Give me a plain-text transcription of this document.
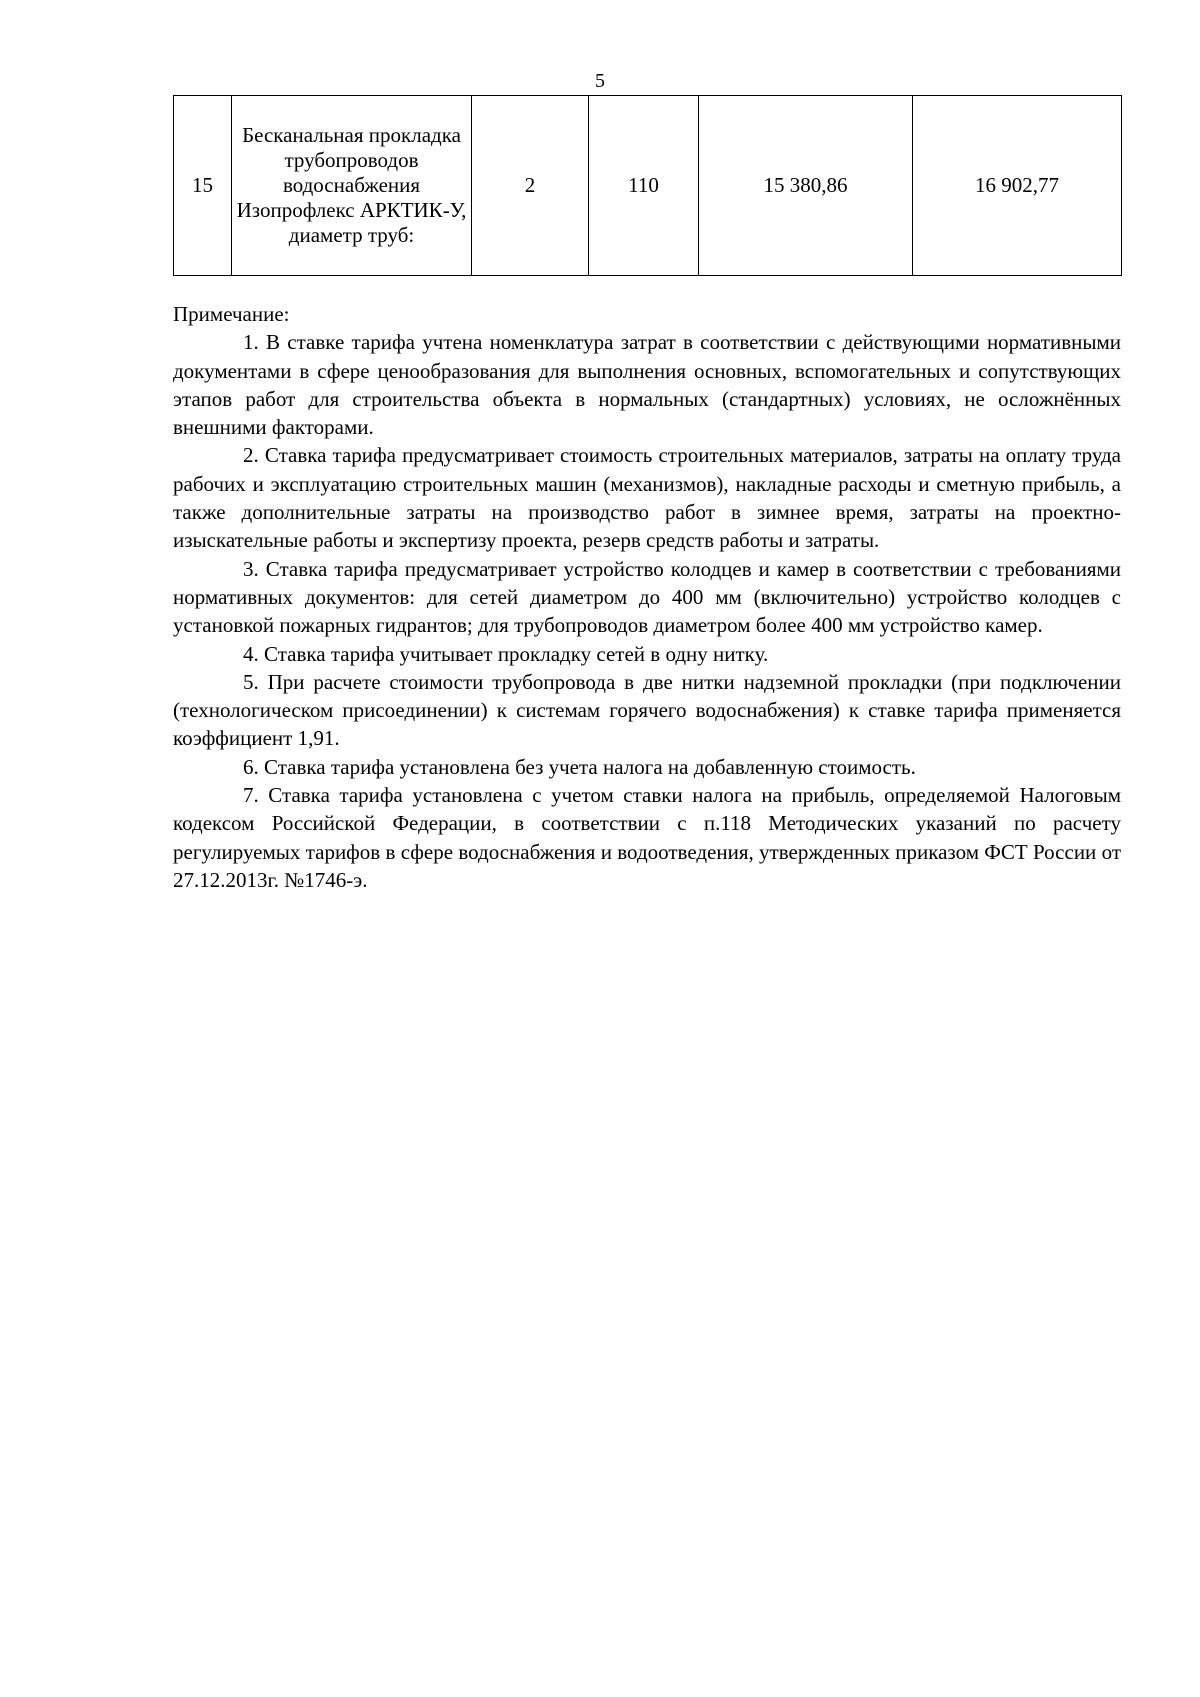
5
15	Бесканальная прокладка трубопроводов водоснабжения Изопрофлекс АРКТИК-У, диаметр труб:	2	110	15 380,86	16 902,77

Примечание:

1. В ставке тарифа учтена номенклатура затрат в соответствии с действующими нормативными документами в сфере ценообразования для выполнения основных, вспомогательных и сопутствующих этапов работ для строительства объекта в нормальных (стандартных) условиях, не осложнённых внешними факторами.

2. Ставка тарифа предусматривает стоимость строительных материалов, затраты на оплату труда рабочих и эксплуатацию строительных машин (механизмов), накладные расходы и сметную прибыль, а также дополнительные затраты на производство работ в зимнее время, затраты на проектно-изыскательные работы и экспертизу проекта, резерв средств работы и затраты.

3. Ставка тарифа предусматривает устройство колодцев и камер в соответствии с требованиями нормативных документов: для сетей диаметром до 400 мм (включительно) устройство колодцев с установкой пожарных гидрантов; для трубопроводов диаметром более 400 мм устройство камер.

4. Ставка тарифа учитывает прокладку сетей в одну нитку.

5. При расчете стоимости трубопровода в две нитки надземной прокладки (при подключении (технологическом присоединении) к системам горячего водоснабжения) к ставке тарифа применяется коэффициент 1,91.

6. Ставка тарифа установлена без учета налога на добавленную стоимость.

7. Ставка тарифа установлена с учетом ставки налога на прибыль, определяемой Налоговым кодексом Российской Федерации, в соответствии с п.118 Методических указаний по расчету регулируемых тарифов в сфере водоснабжения и водоотведения, утвержденных приказом ФСТ России от 27.12.2013г. №1746-э.
